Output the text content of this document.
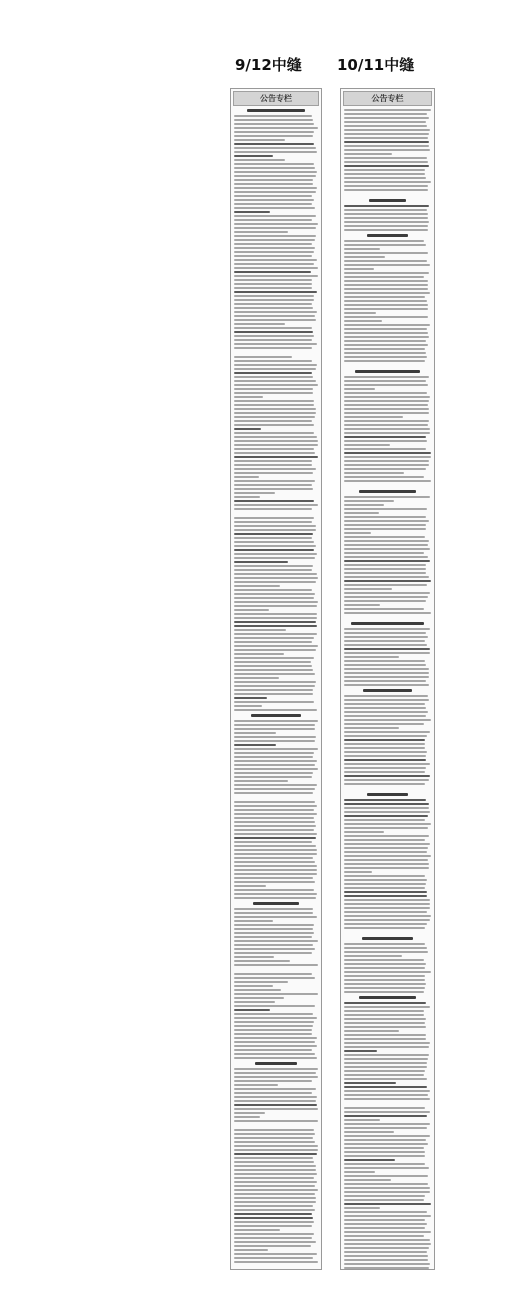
9/12中缝 10/11中缝
公告专栏	公告专栏
